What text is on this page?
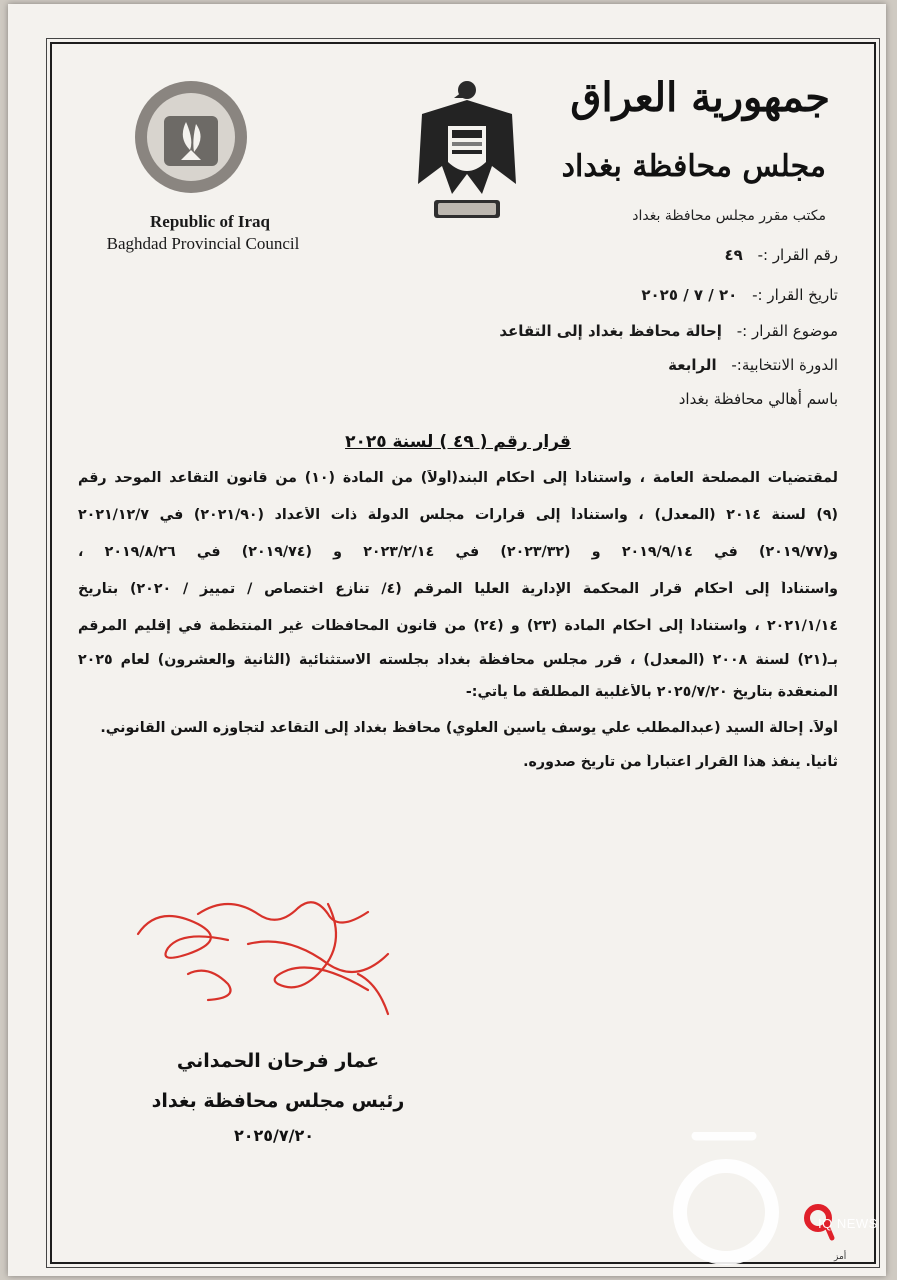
Republic of Iraq
Baghdad Provincial Council
جمهورية العراق
مجلس محافظة بغداد
مكتب مقرر مجلس محافظة بغداد
رقم القرار :- ٤٩
تاريخ القرار :- ٢٠ / ٧ / ٢٠٢٥
موضوع القرار :- إحالة محافظ بغداد إلى التقاعد
الدورة الانتخابية:- الرابعة
باسم أهالي محافظة بغداد
قرار رقم ( ٤٩ ) لسنة ٢٠٢٥
لمقتضيات المصلحة العامة ، واستناداً إلى أحكام البند(أولاً) من المادة (١٠) من قانون التقاعد الموحد رقم
(٩) لسنة ٢٠١٤ (المعدل) ، واستناداً إلى قرارات مجلس الدولة ذات الأعداد (٢٠٢١/٩٠) في ٢٠٢١/١٢/٧
و(٢٠١٩/٧٧) في ٢٠١٩/٩/١٤ و (٢٠٢٣/٣٢) في ٢٠٢٣/٢/١٤ و (٢٠١٩/٧٤) في ٢٠١٩/٨/٢٦ ،
واستناداً إلى أحكام قرار المحكمة الإدارية العليا المرقم (٤/ تنازع اختصاص / تمييز / ٢٠٢٠) بتاريخ
٢٠٢١/١/١٤ ، واستناداً إلى أحكام المادة (٢٣) و (٢٤) من قانون المحافظات غير المنتظمة في إقليم المرقم
بـ(٢١) لسنة ٢٠٠٨ (المعدل) ، قرر مجلس محافظة بغداد بجلسته الاستثنائية (الثانية والعشرون) لعام ٢٠٢٥
المنعقدة بتاريخ ٢٠٢٥/٧/٢٠ بالأغلبية المطلقة ما يأتي:-
أولاً. إحالة السيد (عبدالمطلب علي يوسف ياسين العلوي) محافظ بغداد إلى التقاعد لتجاوزه السن القانوني.
ثانياً. ينفذ هذا القرار اعتباراً من تاريخ صدوره.
عمار فرحان الحمداني
رئيس مجلس محافظة بغداد
٢٠٢٥/٧/٢٠
IQ NEWS
أمز
